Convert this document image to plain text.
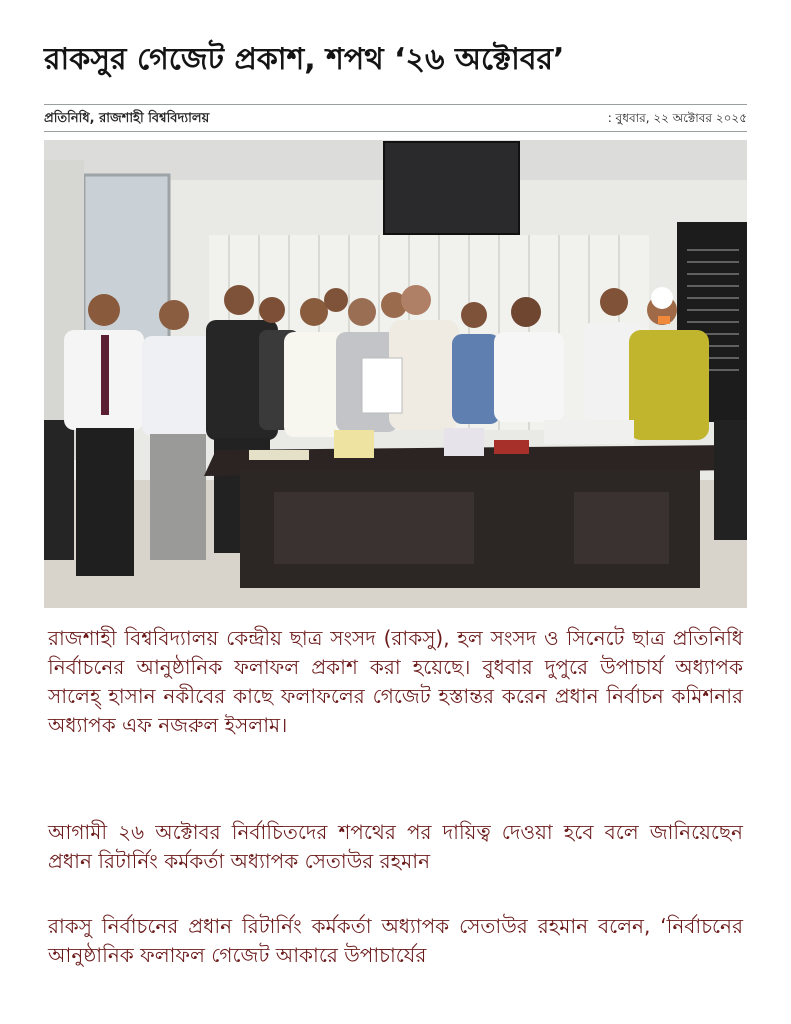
রাকসুর গেজেট প্রকাশ, শপথ ‘২৬ অক্টোবর’
প্রতিনিধি, রাজশাহী বিশ্ববিদ্যালয়	: বুধবার, ২২ অক্টোবর ২০২৫
রাজশাহী বিশ্ববিদ্যালয় কেন্দ্রীয় ছাত্র সংসদ (রাকসু), হল সংসদ ও সিনেটে ছাত্র প্রতিনিধি নির্বাচনের আনুষ্ঠানিক ফলাফল প্রকাশ করা হয়েছে। বুধবার দুপুরে উপাচার্য অধ্যাপক সালেহ্ হাসান নকীবের কাছে ফলাফলের গেজেট হস্তান্তর করেন প্রধান নির্বাচন কমিশনার অধ্যাপক এফ নজরুল ইসলাম।
আগামী ২৬ অক্টোবর নির্বাচিতদের শপথের পর দায়িত্ব দেওয়া হবে বলে জানিয়েছেন প্রধান রিটার্নিং কর্মকর্তা অধ্যাপক সেতাউর রহমান
রাকসু নির্বাচনের প্রধান রিটার্নিং কর্মকর্তা অধ্যাপক সেতাউর রহমান বলেন, ‘নির্বাচনের আনুষ্ঠানিক ফলাফল গেজেট আকারে উপাচার্যের
